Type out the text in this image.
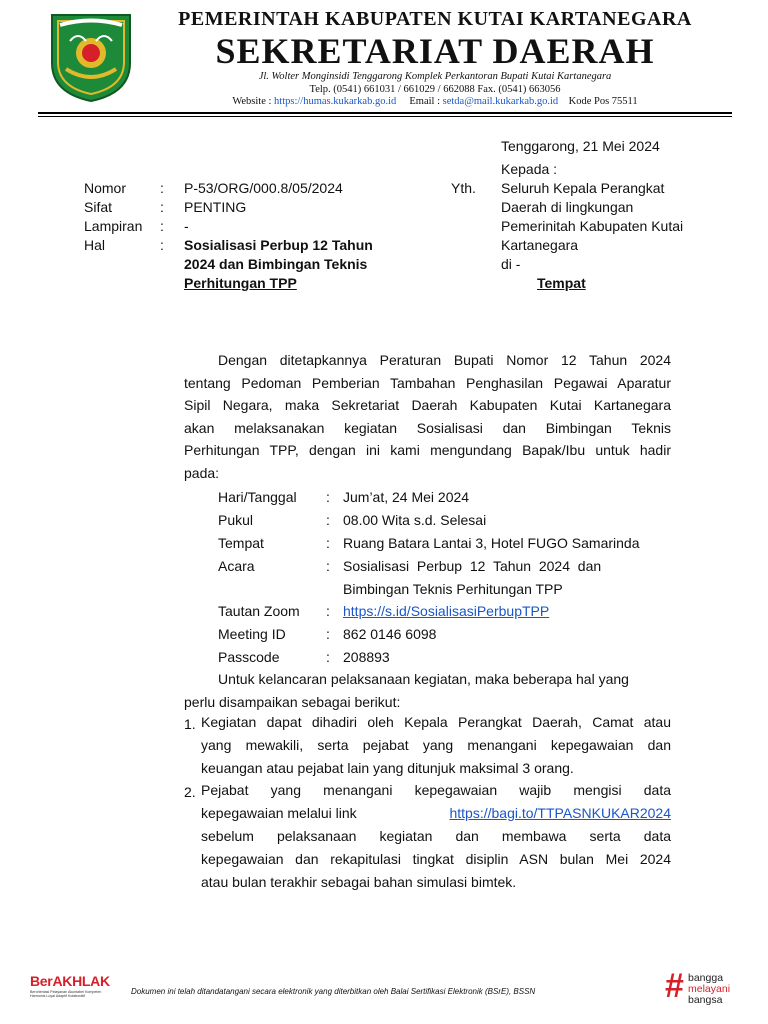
PEMERINTAH KABUPATEN KUTAI KARTANEGARA
SEKRETARIAT DAERAH
Jl. Wolter Monginsidi Tenggarong Komplek Perkantoran Bupati Kutai Kartanegara
Telp. (0541) 661031 / 661029 / 662088 Fax. (0541) 663056
Website : https://humas.kukarkab.go.id Email : setda@mail.kukarkab.go.id Kode Pos 75511
Tenggarong, 21 Mei 2024
Kepada :
Yth. Seluruh Kepala Perangkat
Daerah di lingkungan
Pemerinitah Kabupaten Kutai
Kartanegara
di -
Tempat
Nomor : P-53/ORG/000.8/05/2024
Sifat	: PENTING
Lampiran : -
Hal	: Sosialisasi Perbup 12 Tahun
2024 dan Bimbingan Teknis
Perhitungan TPP
Dengan ditetapkannya Peraturan Bupati Nomor 12 Tahun 2024
tentang Pedoman Pemberian Tambahan Penghasilan Pegawai Aparatur
Sipil Negara, maka Sekretariat Daerah Kabupaten Kutai Kartanegara
akan melaksanakan kegiatan Sosialisasi dan Bimbingan Teknis
Perhitungan TPP, dengan ini kami mengundang Bapak/Ibu untuk hadir
pada:
Hari/Tanggal : Jum’at, 24 Mei 2024
Pukul	: 08.00 Wita s.d. Selesai
Tempat	: Ruang Batara Lantai 3, Hotel FUGO Samarinda
Acara	: Sosialisasi  Perbup  12  Tahun  2024  dan
Bimbingan Teknis Perhitungan TPP
Tautan Zoom : https://s.id/SosialisasiPerbupTPP
Meeting ID	: 862 0146 6098
Passcode	: 208893
Untuk kelancaran pelaksanaan kegiatan, maka beberapa hal yang
perlu disampaikan sebagai berikut:
1. Kegiatan dapat dihadiri oleh Kepala Perangkat Daerah, Camat atau
yang mewakili, serta pejabat yang menangani kepegawaian dan
keuangan atau pejabat lain yang ditunjuk maksimal 3 orang.
2. Pejabat yang menangani kepegawaian wajib mengisi data
kepegawaian melalui link	https://bagi.to/TTPASNKUKAR2024
sebelum pelaksanaan kegiatan dan membawa serta data
kepegawaian dan rekapitulasi tingkat disiplin ASN bulan Mei 2024
atau bulan terakhir sebagai bahan simulasi bimtek.
BerAKHLAK
Berorientasi Pelayanan Akuntabel Kompeten
Harmonis Loyal Adaptif Kolaboratif	Dokumen ini telah ditandatangani secara elektronik yang diterbitkan oleh Balai Sertifikasi Elektronik (BSrE), BSSN	# bangga
melayani
bangsa
